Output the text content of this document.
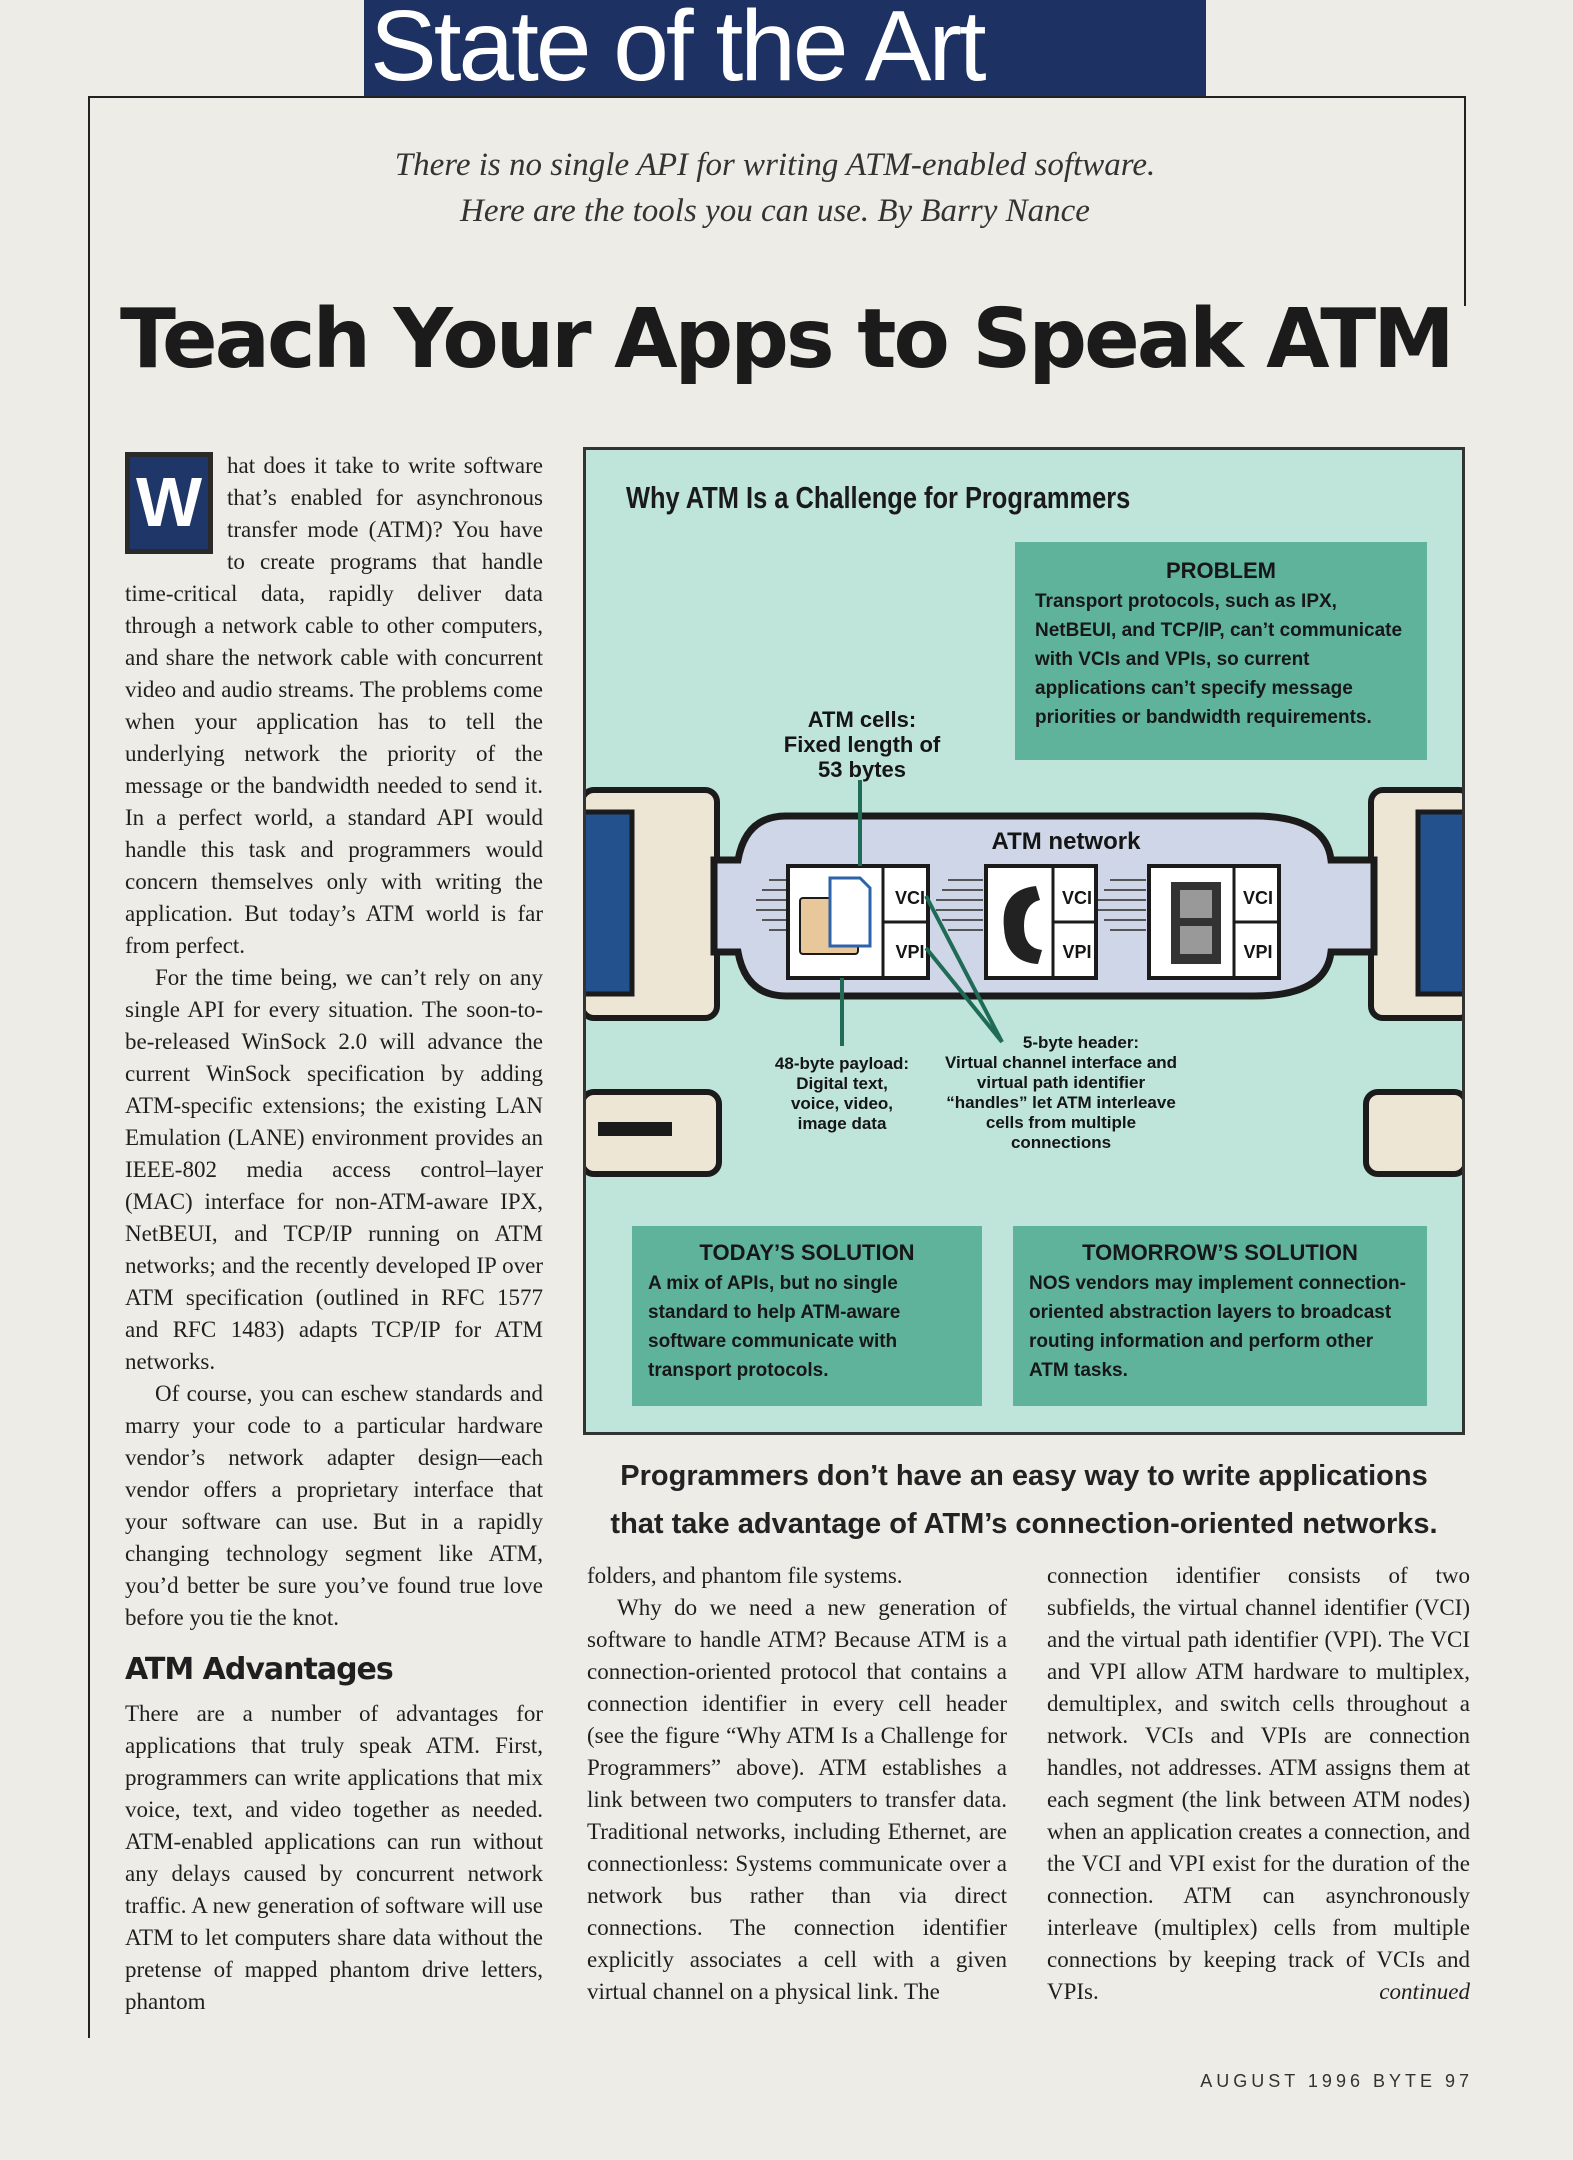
State of the Art
There is no single API for writing ATM-enabled software.
Here are the tools you can use. By Barry Nance
Teach Your Apps to Speak ATM

W	hat does it take to write software that’s enabled for asynchronous transfer mode (ATM)? You have to create programs that handle time-critical data, rapidly deliver data through a network cable to other computers, and share the network cable with concurrent video and audio streams. The problems come when your application has to tell the underlying network the priority of the message or the bandwidth needed to send it. In a perfect world, a standard API would handle this task and programmers would concern themselves only with writing the application. But today’s ATM world is far from perfect.

For the time being, we can’t rely on any single API for every situation. The soon-to-be-released WinSock 2.0 will advance the current WinSock specification by adding ATM-specific extensions; the existing LAN Emulation (LANE) environment provides an IEEE-802 media access control–layer (MAC) interface for non-ATM-aware IPX, NetBEUI, and TCP/IP running on ATM networks; and the recently developed IP over ATM specification (outlined in RFC 1577 and RFC 1483) adapts TCP/IP for ATM networks.

Of course, you can eschew standards and marry your code to a particular hardware vendor’s network adapter design—each vendor offers a proprietary interface that your software can use. But in a rapidly changing technology segment like ATM, you’d better be sure you’ve found true love before you tie the knot.

ATM Advantages

There are a number of advantages for applications that truly speak ATM. First, programmers can write applications that mix voice, text, and video together as needed. ATM-enabled applications can run without any delays caused by concurrent network traffic. A new generation of software will use ATM to let computers share data without the pretense of mapped phantom drive letters, phantom

Why ATM Is a Challenge for Programmers
PROBLEM
Transport protocols, such as IPX, NetBEUI, and TCP/IP, can’t communicate with VCIs and VPIs, so current applications can’t specify message priorities or bandwidth requirements.
ATM cells:
Fixed length of
53 bytes
ATM network
VCI
VPI
VCI
VPI
VCI
VPI
48-byte payload:
Digital text,
voice, video,
image data
5-byte header:
Virtual channel interface and
virtual path identifier
“handles” let ATM interleave
cells from multiple
connections
TODAY’S SOLUTION
A mix of APIs, but no single standard to help ATM-aware software communicate with transport protocols.
TOMORROW’S SOLUTION
NOS vendors may implement connection-oriented abstraction layers to broadcast routing information and perform other ATM tasks.
Programmers don’t have an easy way to write applications
that take advantage of ATM’s connection-oriented networks.

folders, and phantom file systems.

Why do we need a new generation of software to handle ATM? Because ATM is a connection-oriented protocol that contains a connection identifier in every cell header (see the figure “Why ATM Is a Challenge for Programmers” above). ATM establishes a link between two computers to transfer data. Traditional networks, including Ethernet, are connectionless: Systems communicate over a network bus rather than via direct connections. The connection identifier explicitly associates a cell with a given virtual channel on a physical link. The

connection identifier consists of two subfields, the virtual channel identifier (VCI) and the virtual path identifier (VPI). The VCI and VPI allow ATM hardware to multiplex, demultiplex, and switch cells throughout a network. VCIs and VPIs are connection handles, not addresses. ATM assigns them at each segment (the link between ATM nodes) when an application creates a connection, and the VCI and VPI exist for the duration of the connection. ATM can asynchronously interleave (multiplex) cells from multiple connections by keeping track of VCIs and VPIs.	continued

AUGUST 1996 BYTE 97
